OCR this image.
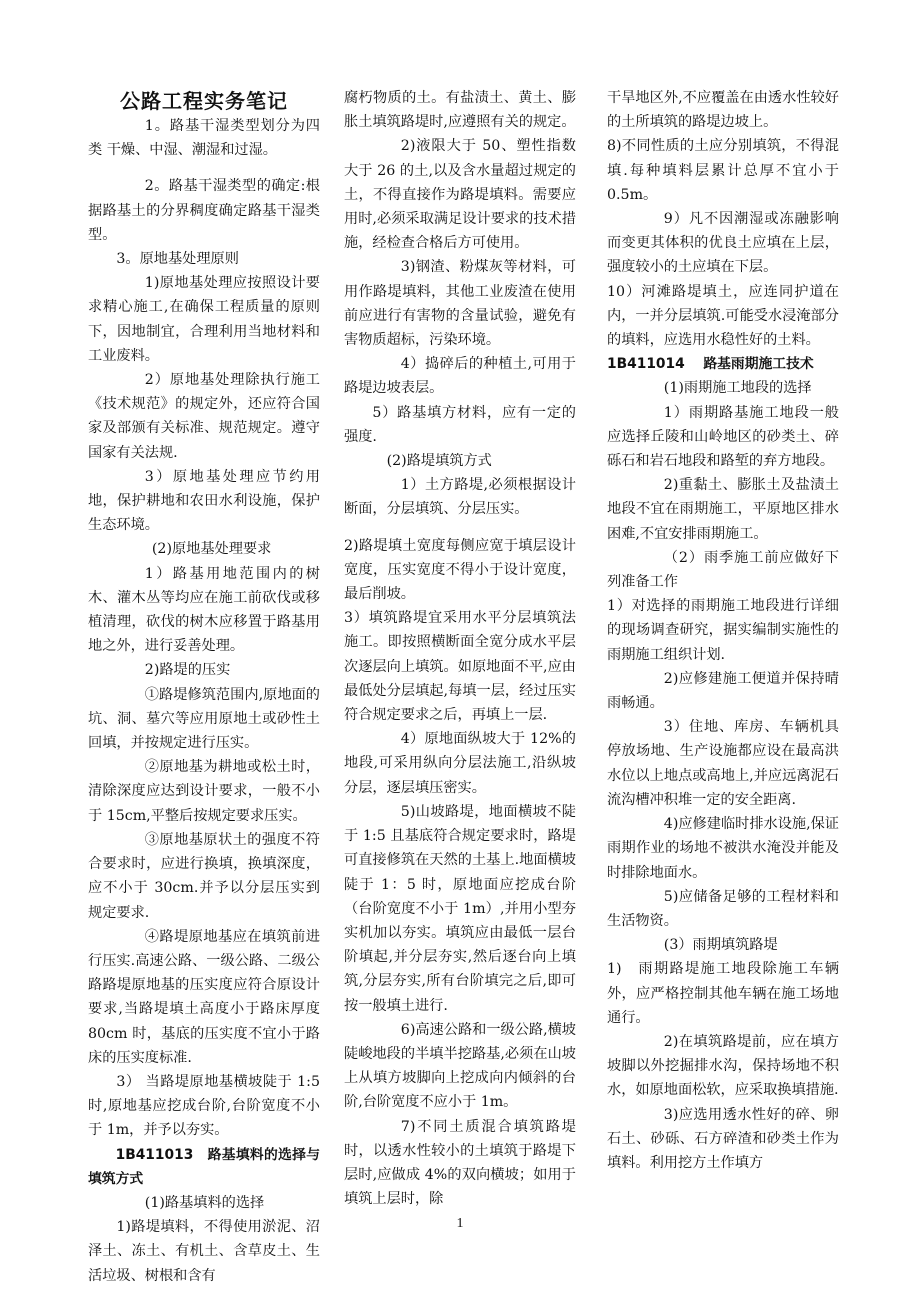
公路工程实务笔记

1。路基干湿类型划分为四类 干燥、中湿、潮湿和过湿。

2。路基干湿类型的确定:根据路基土的分界稠度确定路基干湿类型。

3。原地基处理原则

1)原地基处理应按照设计要求精心施工,在确保工程质量的原则下，因地制宜，合理利用当地材料和工业废料。

2）原地基处理除执行施工《技术规范》的规定外，还应符合国家及部颁有关标准、规范规定。遵守国家有关法规.

3）原地基处理应节约用地，保护耕地和农田水利设施，保护生态环境。

(2)原地基处理要求

1）路基用地范围内的树木、灌木丛等均应在施工前砍伐或移植清理，砍伐的树木应移置于路基用地之外，进行妥善处理。

2)路堤的压实

①路堤修筑范围内,原地面的坑、洞、墓穴等应用原地土或砂性土回填，并按规定进行压实。

②原地基为耕地或松土时，清除深度应达到设计要求，一般不小于 15cm,平整后按规定要求压实。

③原地基原状土的强度不符合要求时，应进行换填，换填深度，应不小于 30cm.并予以分层压实到规定要求.

④路堤原地基应在填筑前进行压实.高速公路、一级公路、二级公路路堤原地基的压实度应符合原设计要求,当路堤填土高度小于路床厚度 80cm 时，基底的压实度不宜小于路床的压实度标准.

3） 当路堤原地基横坡陡于 1:5 时,原地基应挖成台阶,台阶宽度不小于 1m，并予以夯实。

1B411013　路基填料的选择与填筑方式

(1)路基填料的选择

1)路堤填料，不得使用淤泥、沼泽土、冻土、有机土、含草皮土、生活垃圾、树根和含有

腐朽物质的土。有盐渍土、黄土、膨胀土填筑路堤时,应遵照有关的规定。

2)液限大于 50、塑性指数大于 26 的土,以及含水量超过规定的土，不得直接作为路堤填料。需要应用时,必须采取满足设计要求的技术措施，经检查合格后方可使用。

3)钢渣、粉煤灰等材料，可用作路堤填料，其他工业废渣在使用前应进行有害物的含量试验，避免有害物质超标，污染环境。

4）捣碎后的种植土,可用于路堤边坡表层。

5）路基填方材料，应有一定的强度.

(2)路堤填筑方式

1）土方路堤,必须根据设计断面，分层填筑、分层压实。

2)路堤填土宽度每侧应宽于填层设计宽度，压实宽度不得小于设计宽度，最后削坡。

3）填筑路堤宜采用水平分层填筑法施工。即按照横断面全宽分成水平层次逐层向上填筑。如原地面不平,应由最低处分层填起,每填一层，经过压实符合规定要求之后，再填上一层.

4）原地面纵坡大于 12%的地段,可采用纵向分层法施工,沿纵坡分层，逐层填压密实。

5)山坡路堤，地面横坡不陡于 1:5 且基底符合规定要求时，路堤可直接修筑在天然的土基上.地面横坡陡于 1：5 时，原地面应挖成台阶（台阶宽度不小于 1m）,并用小型夯实机加以夯实。填筑应由最低一层台阶填起,并分层夯实,然后逐台向上填筑,分层夯实,所有台阶填完之后,即可按一般填土进行.

6)高速公路和一级公路,横坡陡峻地段的半填半挖路基,必须在山坡上从填方坡脚向上挖成向内倾斜的台阶,台阶宽度不应小于 1m。

7)不同土质混合填筑路堤时，以透水性较小的土填筑于路堤下层时,应做成 4%的双向横坡；如用于填筑上层时，除

干旱地区外,不应覆盖在由透水性较好的土所填筑的路堤边坡上。

8)不同性质的土应分别填筑，不得混填.每种填料层累计总厚不宜小于 0.5m。

9）凡不因潮湿或冻融影响而变更其体积的优良土应填在上层，强度较小的土应填在下层。

10）河滩路堤填土，应连同护道在内，一并分层填筑.可能受水浸淹部分的填料，应选用水稳性好的土料。

1B411014　 路基雨期施工技术

(1)雨期施工地段的选择

1）雨期路基施工地段一般应选择丘陵和山岭地区的砂类土、碎砾石和岩石地段和路堑的弃方地段。

2)重黏土、膨胀土及盐渍土地段不宜在雨期施工，平原地区排水困难,不宜安排雨期施工。

（2）雨季施工前应做好下列准备工作

1）对选择的雨期施工地段进行详细的现场调查研究，据实编制实施性的雨期施工组织计划.

2)应修建施工便道并保持晴雨畅通。

3）住地、库房、车辆机具停放场地、生产设施都应设在最高洪水位以上地点或高地上,并应远离泥石流沟槽冲积堆一定的安全距离.

4)应修建临时排水设施,保证雨期作业的场地不被洪水淹没并能及时排除地面水。

5)应储备足够的工程材料和生活物资。

(3）雨期填筑路堤

1)　雨期路堤施工地段除施工车辆外，应严格控制其他车辆在施工场地通行。

2)在填筑路堤前，应在填方坡脚以外挖掘排水沟，保持场地不积水，如原地面松软，应采取换填措施.

3)应选用透水性好的碎、卵石土、砂砾、石方碎渣和砂类土作为填料。利用挖方土作填方

1
